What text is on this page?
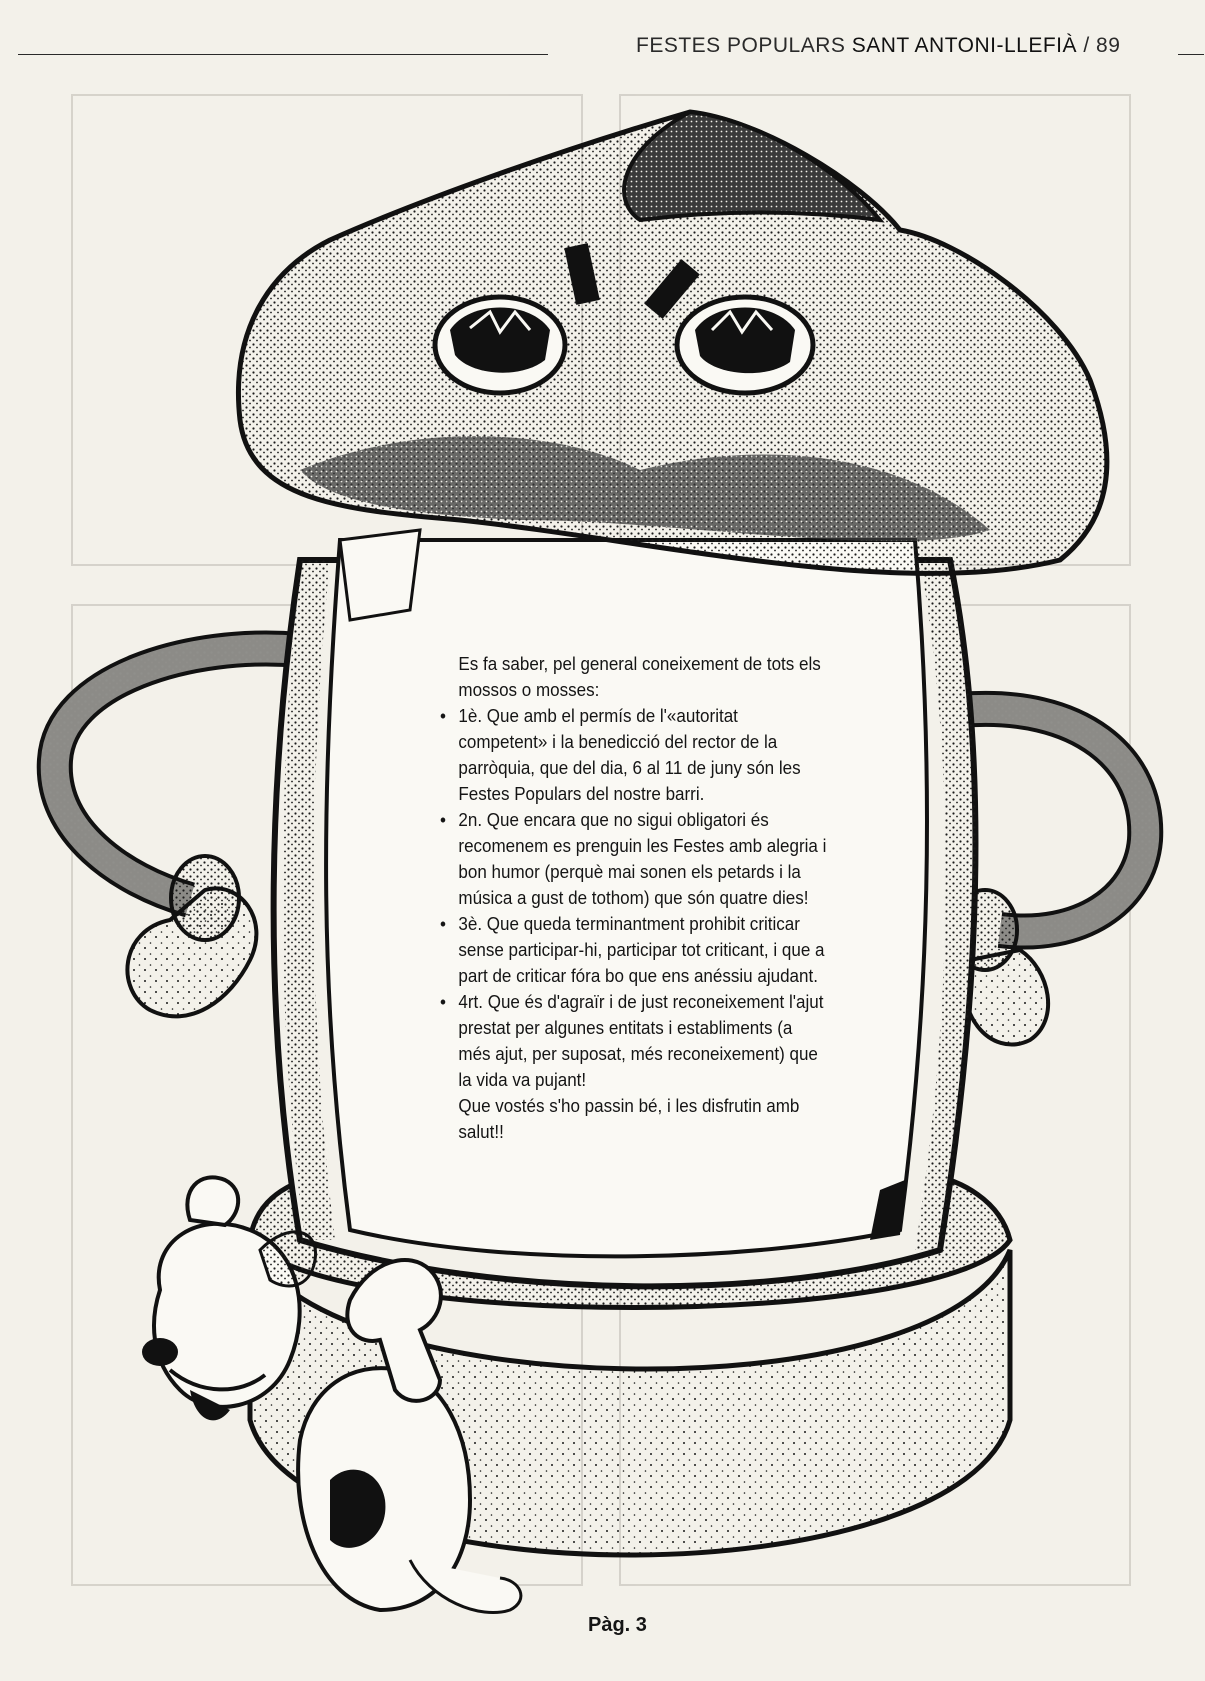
FESTES POPULARS SANT ANTONI-LLEFIÀ / 89

Es fa saber, pel general coneixement de tots els mossos o mosses:

• 1è. Que amb el permís de l'«autoritat competent» i la benedicció del rector de la parròquia, que del dia, 6 al 11 de juny són les Festes Populars del nostre barri.

• 2n. Que encara que no sigui obligatori és recomenem es prenguin les Festes amb alegria i bon humor (perquè mai sonen els petards i la música a gust de tothom) que són quatre dies!

• 3è. Que queda terminantment prohibit criticar sense participar-hi, participar tot criticant, i que a part de criticar fóra bo que ens anéssiu ajudant.

• 4rt. Que és d'agraïr i de just reconeixement l'ajut prestat per algunes entitats i establiments (a més ajut, per suposat, més reconeixement) que la vida va pujant!

Que vostés s'ho passin bé, i les disfrutin amb salut!!

Pàg. 3
